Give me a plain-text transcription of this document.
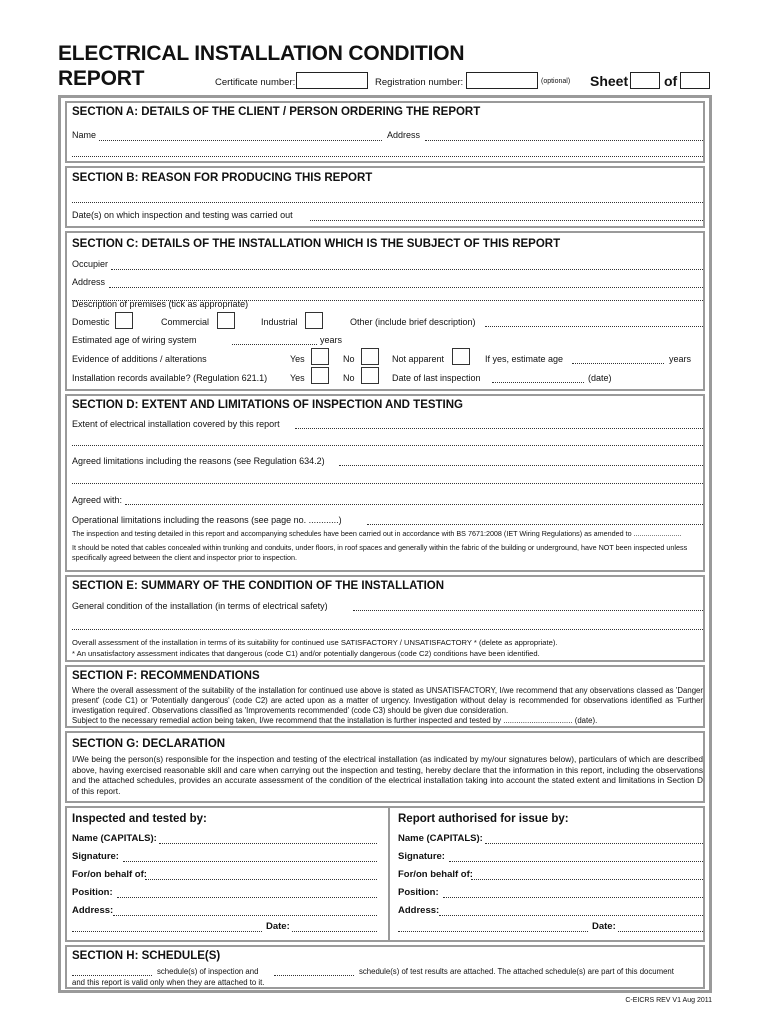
ELECTRICAL INSTALLATION CONDITION
REPORT	Certificate number:	Registration number:	(optional) Sheet	of
SECTION A: DETAILS OF THE CLIENT / PERSON ORDERING THE REPORT
Name	Address
SECTION B: REASON FOR PRODUCING THIS REPORT
Date(s) on which inspection and testing was carried out
SECTION C: DETAILS OF THE INSTALLATION WHICH IS THE SUBJECT OF THIS REPORT
Occupier
Address
Description of premises (tick as appropriate)
Domestic	Commercial	Industrial	Other (include brief description)
Estimated age of wiring system	years
Evidence of additions / alterations	Yes	No	Not apparent	If yes, estimate age	years
Installation records available? (Regulation 621.1)	Yes	No	Date of last inspection	(date)
SECTION D: EXTENT AND LIMITATIONS OF INSPECTION AND TESTING
Extent of electrical installation covered by this report
Agreed limitations including the reasons (see Regulation 634.2)
Agreed with:
Operational limitations including the reasons (see page no. ............)
The inspection and testing detailed in this report and accompanying schedules have been carried out in accordance with BS 7671:2008 (IET Wiring Regulations) as amended to ........................
It should be noted that cables concealed within trunking and conduits, under floors, in roof spaces and generally within the fabric of the building or underground, have NOT been inspected unless specifically agreed between the client and inspector prior to inspection.
SECTION E: SUMMARY OF THE CONDITION OF THE INSTALLATION
General condition of the installation (in terms of electrical safety)
Overall assessment of the installation in terms of its suitability for continued use SATISFACTORY / UNSATISFACTORY * (delete as appropriate).
* An unsatisfactory assessment indicates that dangerous (code C1) and/or potentially dangerous (code C2) conditions have been identified.
SECTION F: RECOMMENDATIONS
Where the overall assessment of the suitability of the installation for continued use above is stated as UNSATISFACTORY, I/we recommend that any observations classed as 'Danger present' (code C1) or 'Potentially dangerous' (code C2) are acted upon as a matter of urgency. Investigation without delay is recommended for observations identified as 'Further investigation required'. Observations classified as 'Improvements recommended' (code C3) should be given due consideration.
Subject to the necessary remedial action being taken, I/we recommend that the installation is further inspected and tested by ................................ (date).
SECTION G: DECLARATION
I/We being the person(s) responsible for the inspection and testing of the electrical installation (as indicated by my/our signatures below), particulars of which are described above, having exercised reasonable skill and care when carrying out the inspection and testing, hereby declare that the information in this report, including the observations and the attached schedules, provides an accurate assessment of the condition of the electrical installation taking into account the stated extent and limitations in Section D of this report.
Inspected and tested by:
Name (CAPITALS):
Signature:
For/on behalf of:
Position:
Address:
Date:
Report authorised for issue by:
Name (CAPITALS):
Signature:
For/on behalf of:
Position:
Address:
Date:
SECTION H: SCHEDULE(S)
schedule(s) of inspection and	schedule(s) of test results are attached. The attached schedule(s) are part of this document
and this report is valid only when they are attached to it.
C-EICRS REV V1 Aug 2011
